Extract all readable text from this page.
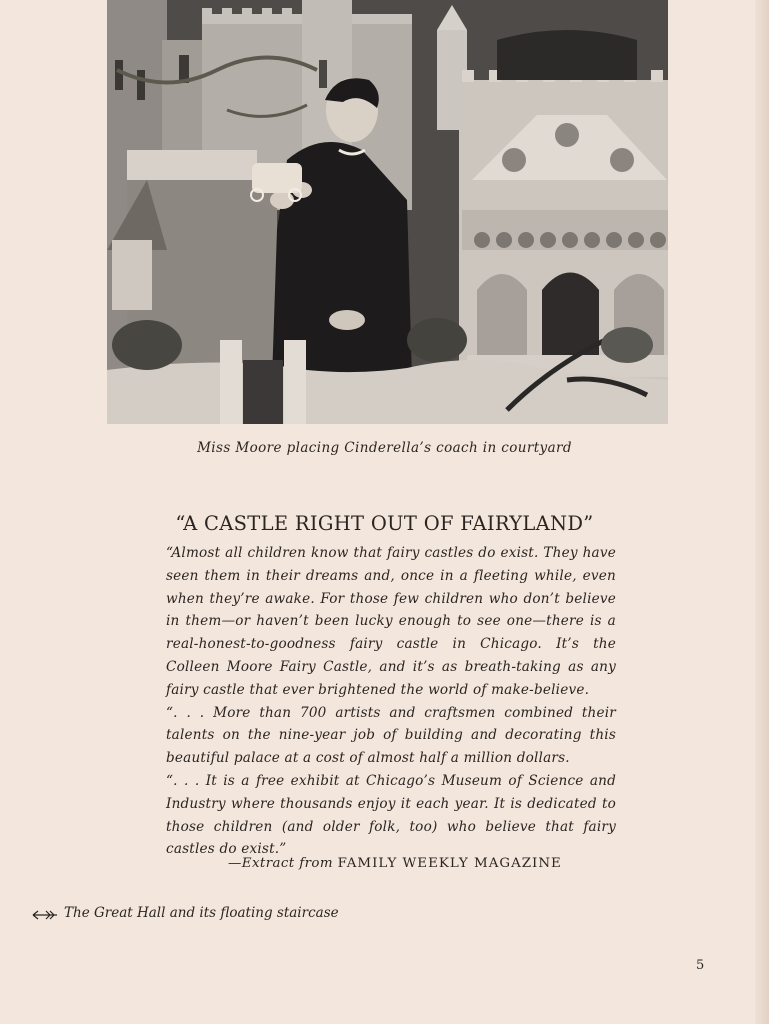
Miss Moore placing Cinderella’s coach in courtyard
“A CASTLE RIGHT OUT OF FAIRYLAND”

“Almost all children know that fairy castles do exist. They have seen them in their dreams and, once in a fleeting while, even when they’re awake. For those few children who don’t believe in them—or haven’t been lucky enough to see one—there is a real-honest-to-goodness fairy castle in Chicago. It’s the Colleen Moore Fairy Castle, and it’s as breath-taking as any fairy castle that ever brightened the world of make-believe.

“. . . More than 700 artists and craftsmen combined their talents on the nine-year job of building and decorating this beautiful palace at a cost of almost half a million dollars.

“. . . It is a free exhibit at Chicago’s Museum of Science and Industry where thousands enjoy it each year. It is dedicated to those children (and older folk, too) who believe that fairy castles do exist.”

—Extract from FAMILY WEEKLY MAGAZINE
The Great Hall and its floating staircase
5
